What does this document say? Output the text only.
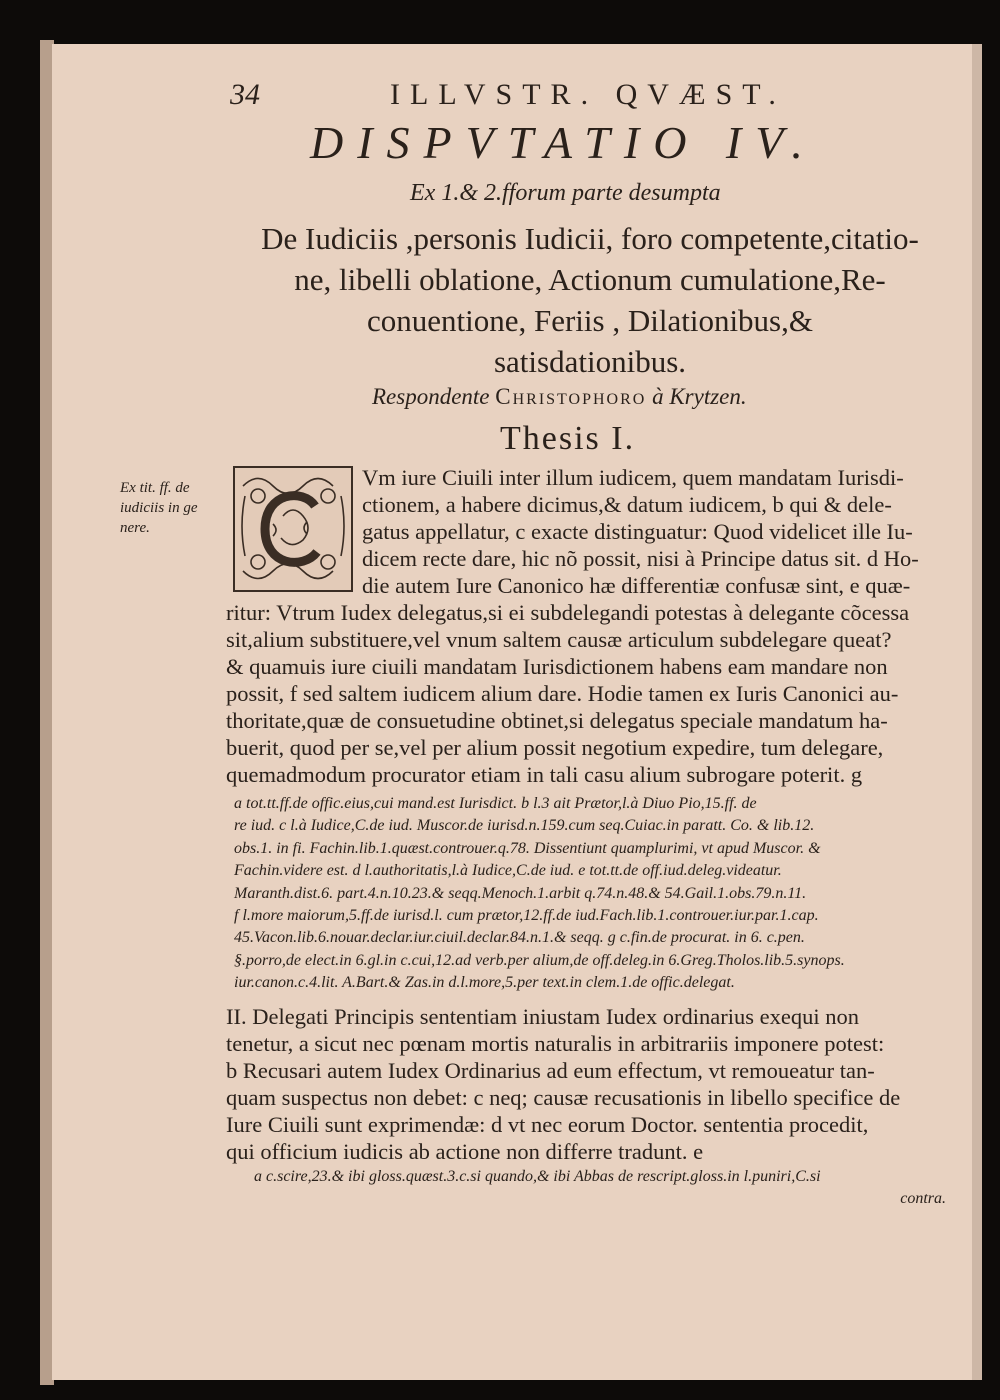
34	ILLVSTR. QVÆST.
DISPVTATIO IV.
Ex 1.& 2.fforum parte desumpta
De Iudiciis ,personis Iudicii, foro competente,citatio-
ne, libelli oblatione, Actionum cumulatione,Re-
conuentione, Feriis , Dilationibus,&
satisdationibus.
Respondente Christophoro à Krytzen.
Thesis I.
Ex tit. ff. de
iudiciis in ge
nere.
Vm iure Ciuili inter illum iudicem, quem mandatam Iurisdi-
ctionem, a habere dicimus,& datum iudicem, b qui & dele-
gatus appellatur, c exacte distinguatur: Quod videlicet ille Iu-
dicem recte dare, hic nõ possit, nisi à Principe datus sit. d Ho-
die autem Iure Canonico hæ differentiæ confusæ sint, e quæ-
ritur: Vtrum Iudex delegatus,si ei subdelegandi potestas à delegante cõcessa
sit,alium substituere,vel vnum saltem causæ articulum subdelegare queat?
& quamuis iure ciuili mandatam Iurisdictionem habens eam mandare non
possit, f sed saltem iudicem alium dare. Hodie tamen ex Iuris Canonici au-
thoritate,quæ de consuetudine obtinet,si delegatus speciale mandatum ha-
buerit, quod per se,vel per alium possit negotium expedire, tum delegare,
quemadmodum procurator etiam in tali casu alium subrogare poterit. g
a tot.tt.ff.de offic.eius,cui mand.est Iurisdict. b l.3 ait Prætor,l.à Diuo Pio,15.ff. de
re iud. c l.à Iudice,C.de iud. Muscor.de iurisd.n.159.cum seq.Cuiac.in paratt. Co. & lib.12.
obs.1. in fi. Fachin.lib.1.quæst.controuer.q.78. Dissentiunt quamplurimi, vt apud Muscor. &
Fachin.videre est. d l.authoritatis,l.à Iudice,C.de iud. e tot.tt.de off.iud.deleg.videatur.
Maranth.dist.6. part.4.n.10.23.& seqq.Menoch.1.arbit q.74.n.48.& 54.Gail.1.obs.79.n.11.
f l.more maiorum,5.ff.de iurisd.l. cum prætor,12.ff.de iud.Fach.lib.1.controuer.iur.par.1.cap.
45.Vacon.lib.6.nouar.declar.iur.ciuil.declar.84.n.1.& seqq. g c.fin.de procurat. in 6. c.pen.
§.porro,de elect.in 6.gl.in c.cui,12.ad verb.per alium,de off.deleg.in 6.Greg.Tholos.lib.5.synops.
iur.canon.c.4.lit. A.Bart.& Zas.in d.l.more,5.per text.in clem.1.de offic.delegat.
II. Delegati Principis sententiam iniustam Iudex ordinarius exequi non
tenetur, a sicut nec pœnam mortis naturalis in arbitrariis imponere potest:
b Recusari autem Iudex Ordinarius ad eum effectum, vt remoueatur tan-
quam suspectus non debet: c neq; causæ recusationis in libello specifice de
Iure Ciuili sunt exprimendæ: d vt nec eorum Doctor. sententia procedit,
qui officium iudicis ab actione non differre tradunt. e
a c.scire,23.& ibi gloss.quæst.3.c.si quando,& ibi Abbas de rescript.gloss.in l.puniri,C.si
contra.
